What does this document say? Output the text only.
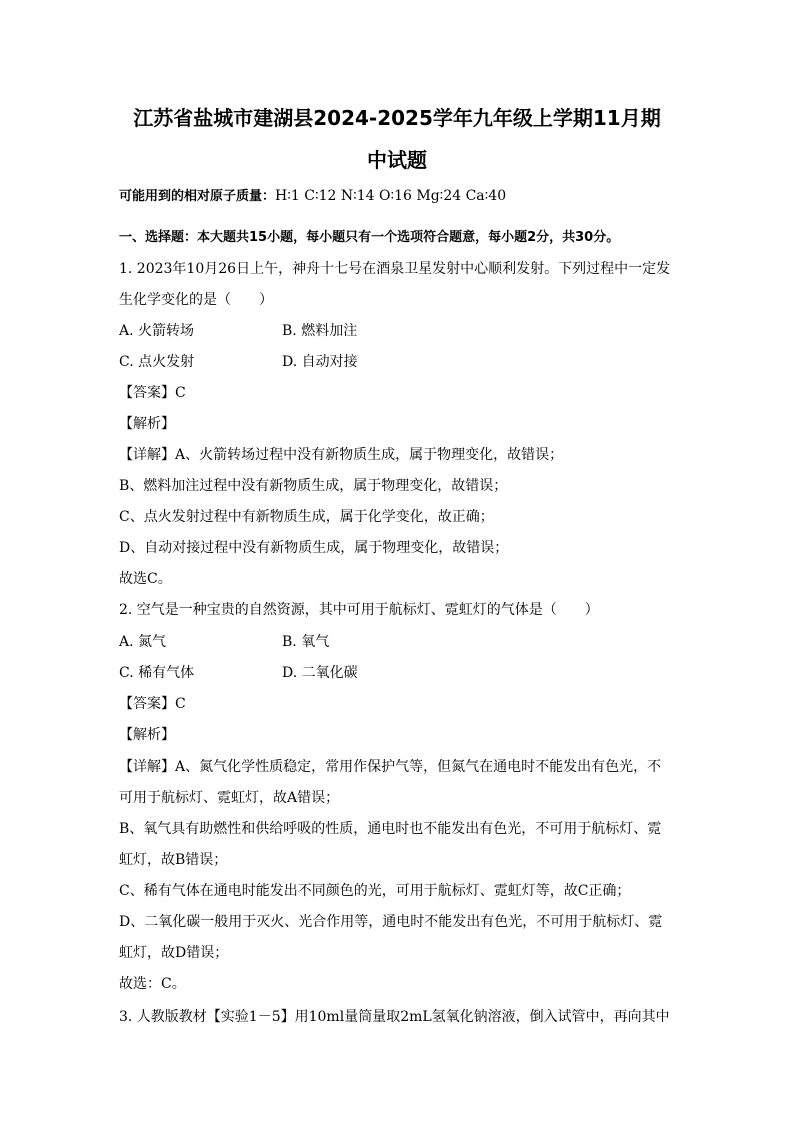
江苏省盐城市建湖县2024-2025学年九年级上学期11月期
中试题
可能用到的相对原子质量：H∶1 C∶12 N∶14 O∶16 Mg∶24 Ca∶40
一、选择题：本大题共15小题，每小题只有一个选项符合题意，每小题2分，共30分。
1. 2023年10月26日上午，神舟十七号在酒泉卫星发射中心顺利发射。下列过程中一定发
生化学变化的是（　　）
A. 火箭转场	B. 燃料加注
C. 点火发射	D. 自动对接
【答案】C
【解析】
【详解】A、火箭转场过程中没有新物质生成，属于物理变化，故错误；
B、燃料加注过程中没有新物质生成，属于物理变化，故错误；
C、点火发射过程中有新物质生成，属于化学变化，故正确；
D、自动对接过程中没有新物质生成，属于物理变化，故错误；
故选C。
2. 空气是一种宝贵的自然资源，其中可用于航标灯、霓虹灯的气体是（　　）
A. 氮气	B. 氧气
C. 稀有气体	D. 二氧化碳
【答案】C
【解析】
【详解】A、氮气化学性质稳定，常用作保护气等，但氮气在通电时不能发出有色光，不
可用于航标灯、霓虹灯，故A错误；
B、氧气具有助燃性和供给呼吸的性质，通电时也不能发出有色光，不可用于航标灯、霓
虹灯，故B错误；
C、稀有气体在通电时能发出不同颜色的光，可用于航标灯、霓虹灯等，故C正确；
D、二氧化碳一般用于灭火、光合作用等，通电时不能发出有色光，不可用于航标灯、霓
虹灯，故D错误；
故选：C。
3. 人教版教材【实验1－5】用10ml量筒量取2mL氢氧化钠溶液，倒入试管中，再向其中
